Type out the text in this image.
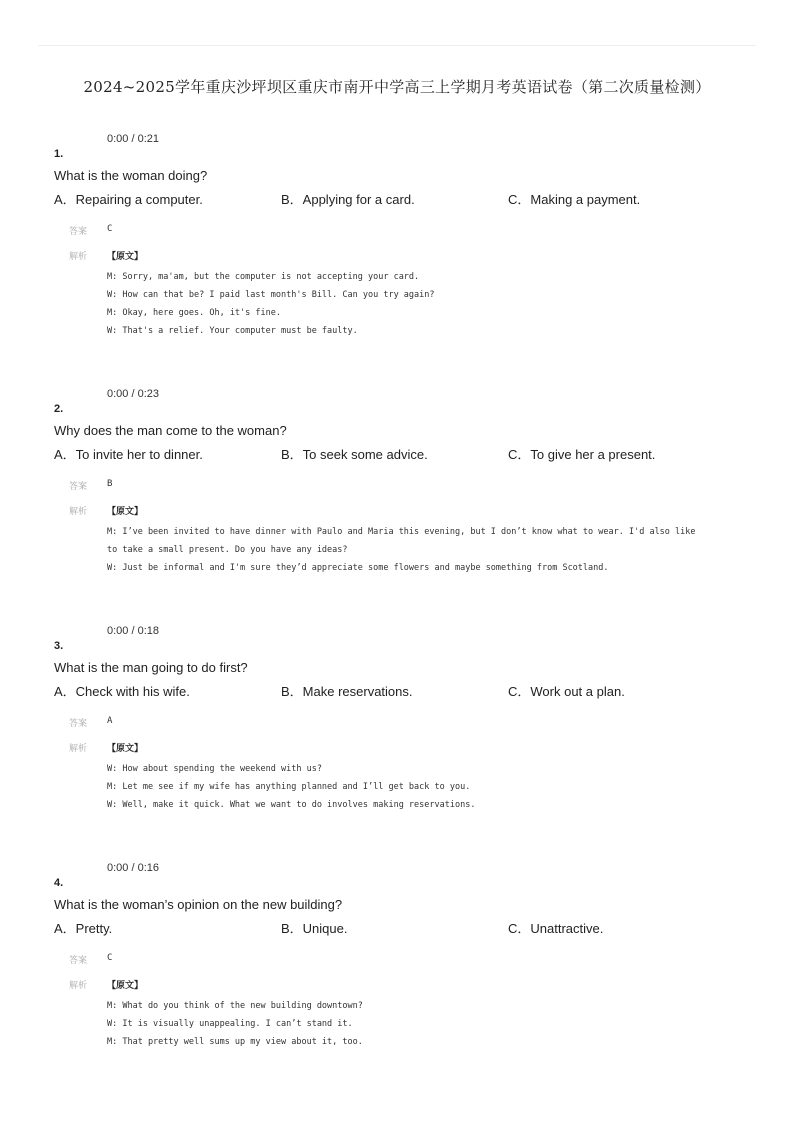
2024~2025学年重庆沙坪坝区重庆市南开中学高三上学期月考英语试卷（第二次质量检测）
0:00 / 0:21
1.
What is the woman doing?
A．Repairing a computer.	B．Applying for a card.	C．Making a payment.
答案 C
解析 【原文】
M: Sorry, ma'am, but the computer is not accepting your card.
W: How can that be? I paid last month's Bill. Can you try again?
M: Okay, here goes. Oh, it's fine.
W: That's a relief. Your computer must be faulty.
0:00 / 0:23
2.
Why does the man come to the woman?
A．To invite her to dinner.	B．To seek some advice.	C．To give her a present.
答案 B
解析 【原文】
M: I’ve been invited to have dinner with Paulo and Maria this evening, but I don’t know what to wear. I'd also like
to take a small present. Do you have any ideas?
W: Just be informal and I'm sure they’d appreciate some flowers and maybe something from Scotland.
0:00 / 0:18
3.
What is the man going to do first?
A．Check with his wife.	B．Make reservations.	C．Work out a plan.
答案 A
解析 【原文】
W: How about spending the weekend with us?
M: Let me see if my wife has anything planned and I’ll get back to you.
W: Well, make it quick. What we want to do involves making reservations.
0:00 / 0:16
4.
What is the woman’s opinion on the new building?
A．Pretty.	B．Unique.	C．Unattractive.
答案 C
解析 【原文】
M: What do you think of the new building downtown?
W: It is visually unappealing. I can’t stand it.
M: That pretty well sums up my view about it, too.
